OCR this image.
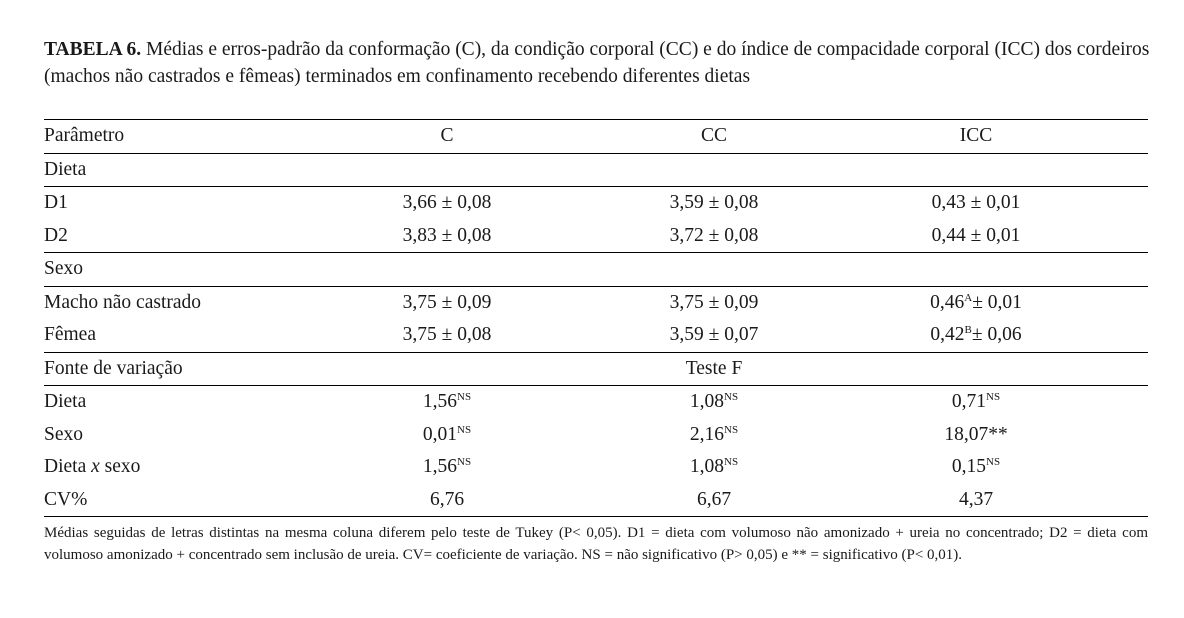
TABELA 6. Médias e erros-padrão da conformação (C), da condição corporal (CC) e do índice de compacidade corporal (ICC) dos cordeiros (machos não castrados e fêmeas) terminados em confinamento recebendo diferentes dietas
Parâmetro	C	CC	ICC
Dieta			
D1	3,66 ± 0,08	3,59 ± 0,08	0,43 ± 0,01
D2	3,83 ± 0,08	3,72 ± 0,08	0,44 ± 0,01
Sexo			
Macho não castrado	3,75 ± 0,09	3,75 ± 0,09	$0,46^A\pm 0,01$
Fêmea	3,75 ± 0,08	3,59 ± 0,07	$0,42^B\pm 0,06$
Fonte de variação		Teste F	
Dieta	$1,56^{NS}$	$1,08^{NS}$	$0,71^{NS}$
Sexo	$0,01^{NS}$	$2,16^{NS}$	18,07**
Dieta x sexo	$1,56^{NS}$	$1,08^{NS}$	$0,15^{NS}$
CV%	6,76	6,67	4,37
Médias seguidas de letras distintas na mesma coluna diferem pelo teste de Tukey (P< 0,05). D1 = dieta com volumoso não amonizado + ureia no concentrado; D2 = dieta com volumoso amonizado + concentrado sem inclusão de ureia. CV= coeficiente de variação. NS = não significativo (P> 0,05) e ** = significativo (P< 0,01).
